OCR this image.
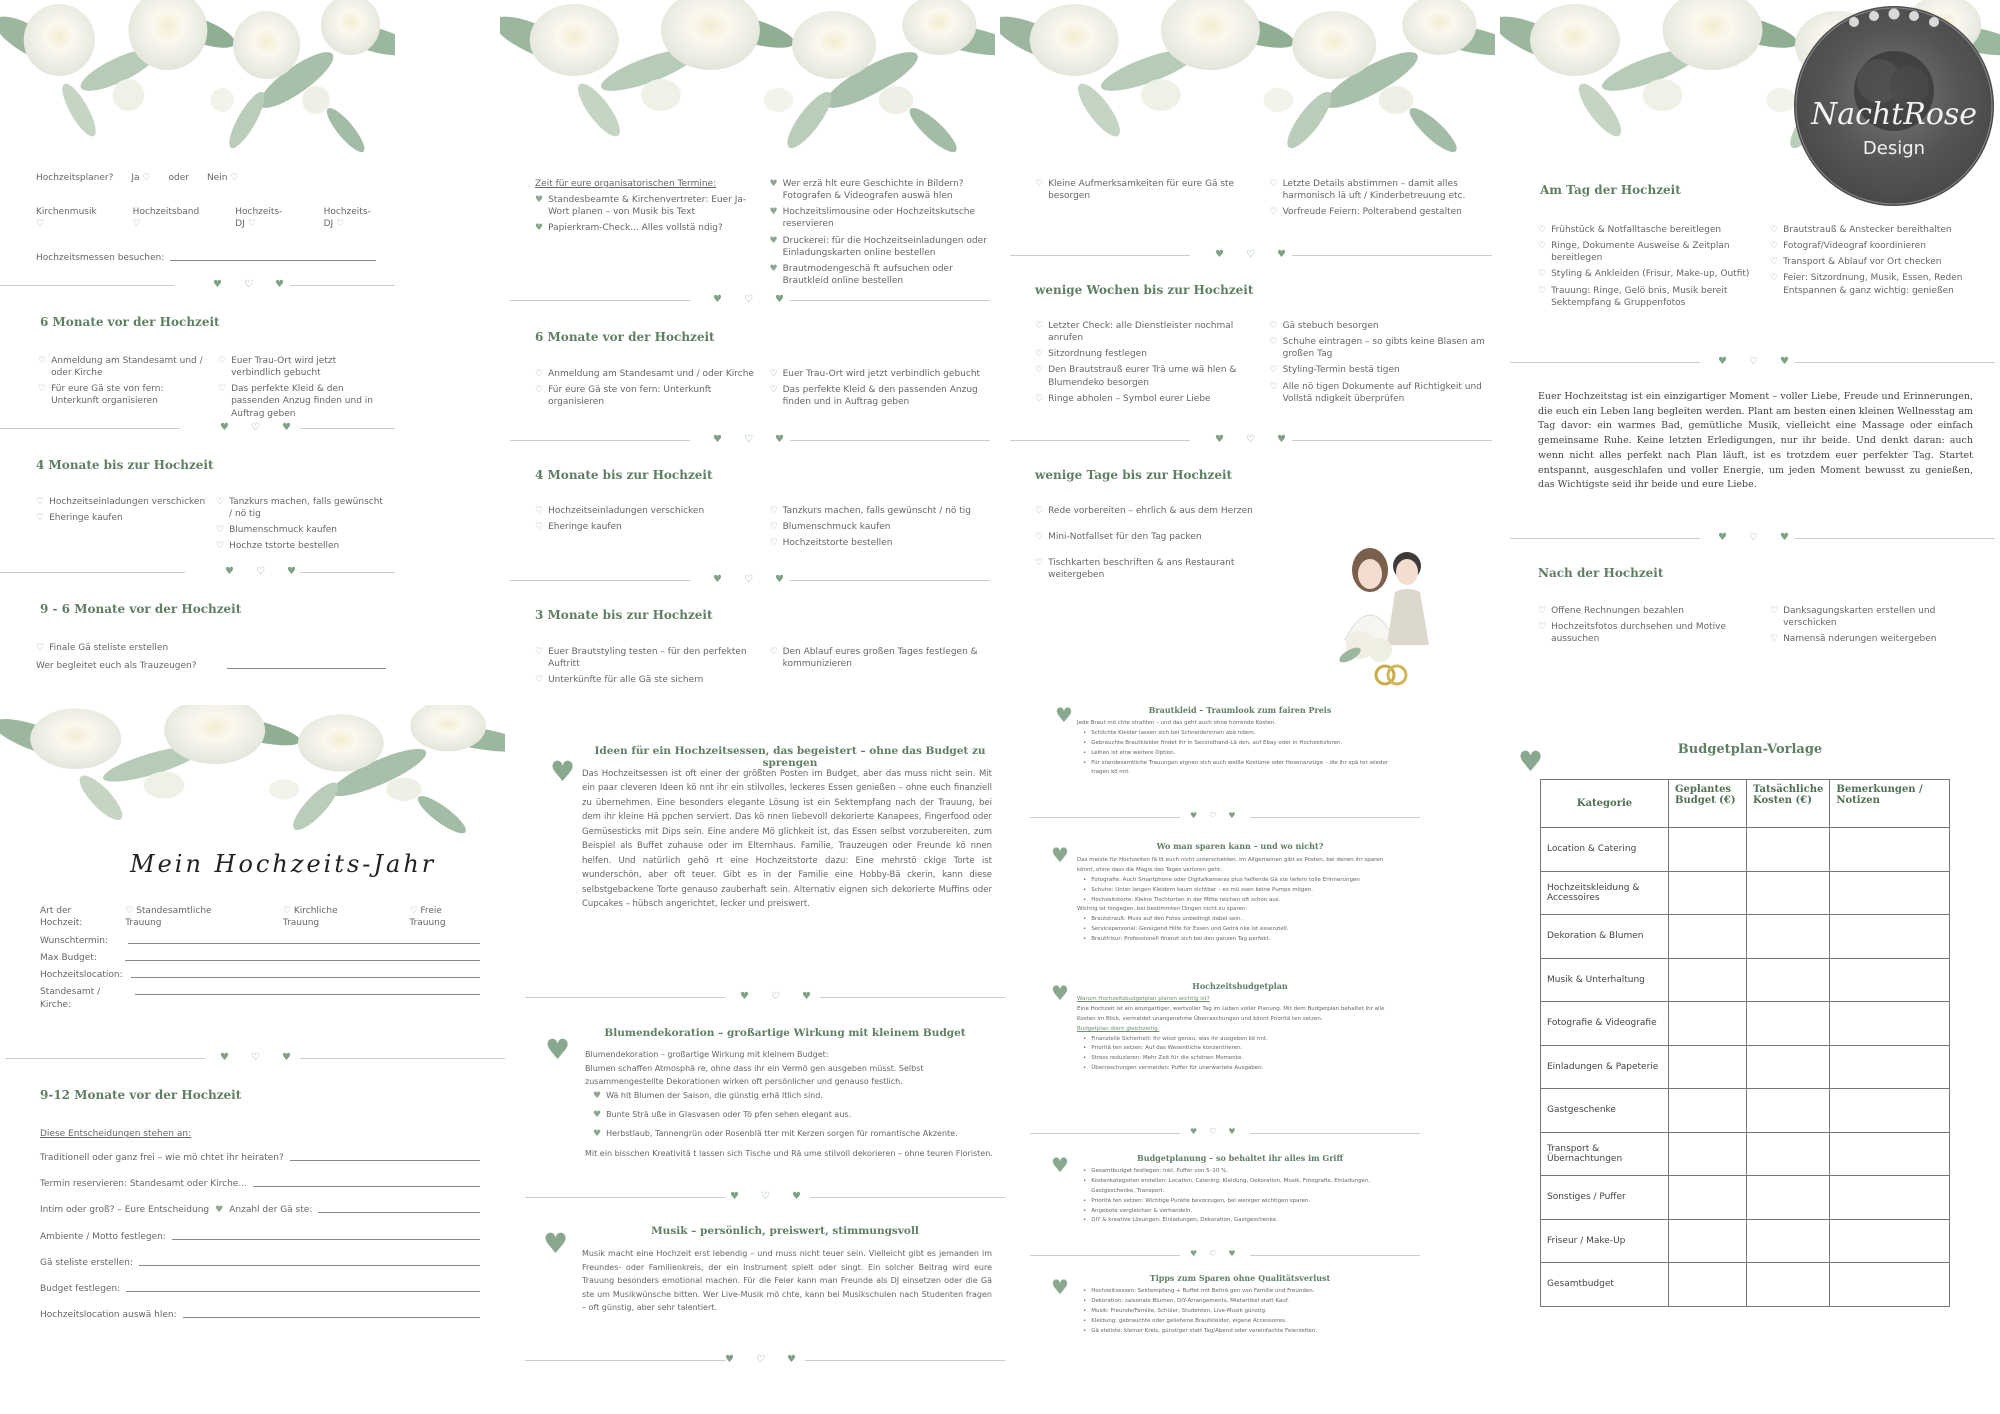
Hochzeitsplaner? Ja ♡ oder Nein ♡
Kirchenmusik ♡
Hochzeitsband ♡
Hochzeits-DJ ♡
Hochzeits-DJ ♡
Hochzeitsmessen besuchen:
♥ ♡ ♥
6 Monate vor der Hochzeit
♡ Anmeldung am Standesamt und / oder Kirche
♡ Für eure Gä ste von fern: Unterkunft organisieren
♡ Euer Trau-Ort wird jetzt verbindlich gebucht
♡ Das perfekte Kleid & den passenden Anzug finden und in Auftrag geben
♥ ♡ ♥
4 Monate bis zur Hochzeit
♡ Hochzeitseinladungen verschicken
♡ Eheringe kaufen
♡ Tanzkurs machen, falls gewünscht / nö tig
♡ Blumenschmuck kaufen
♡ Hochze tstorte bestellen
♥ ♡ ♥
9 - 6 Monate vor der Hochzeit
♡ Finale Gä steliste erstellen
Wer begleitet euch als Trauzeugen?
Zeit für eure organisatorischen Termine:
♥ Standesbeamte & Kirchenvertreter: Euer Ja-Wort planen – von Musik bis Text
♥ Papierkram-Check... Alles vollstä ndig?
♥ Wer erzä hlt eure Geschichte in Bildern? Fotografen & Videografen auswä hlen
♥ Hochzeitslimousine oder Hochzeitskutsche reservieren
♥ Druckerei: für die Hochzeitseinladungen oder Einladungskarten online bestellen
♥ Brautmodengeschä ft aufsuchen oder Brautkleid online bestellen
♥ ♡ ♥
6 Monate vor der Hochzeit
♡ Anmeldung am Standesamt und / oder Kirche
♡ Für eure Gä ste von fern: Unterkunft organisieren
♡ Euer Trau-Ort wird jetzt verbindlich gebucht
♡ Das perfekte Kleid & den passenden Anzug finden und in Auftrag geben
♥ ♡ ♥
4 Monate bis zur Hochzeit
♡ Hochzeitseinladungen verschicken
♡ Eheringe kaufen
♡ Tanzkurs machen, falls gewünscht / nö tig
♡ Blumenschmuck kaufen
♡ Hochzeitstorte bestellen
♥ ♡ ♥
3 Monate bis zur Hochzeit
♡ Euer Brautstyling testen – für den perfekten Auftritt
♡ Unterkünfte für alle Gä ste sichern
♡ Den Ablauf eures großen Tages festlegen & kommunizieren
♡ Kleine Aufmerksamkeiten für eure Gä ste besorgen
♡ Letzte Details abstimmen – damit alles harmonisch lä uft / Kinderbetreuung etc.
♡ Vorfreude Feiern: Polterabend gestalten
♥ ♡ ♥
wenige Wochen bis zur Hochzeit
♡ Letzter Check: alle Dienstleister nochmal anrufen
♡ Sitzordnung festlegen
♡ Den Brautstrauß eurer Trä ume wä hlen & Blumendeko besorgen
♡ Ringe abholen – Symbol eurer Liebe
♡ Gä stebuch besorgen
♡ Schuhe eintragen – so gibts keine Blasen am großen Tag
♡ Styling-Termin bestä tigen
♡ Alle nö tigen Dokumente auf Richtigkeit und Vollstä ndigkeit überprüfen
♥ ♡ ♥
wenige Tage bis zur Hochzeit
♡ Rede vorbereiten – ehrlich & aus dem Herzen
♡ Mini-Notfallset für den Tag packen
♡ Tischkarten beschriften & ans Restaurant weitergeben
Am Tag der Hochzeit
♡ Frühstück & Notfalltasche bereitlegen
♡ Ringe, Dokumente Ausweise & Zeitplan bereitlegen
♡ Styling & Ankleiden (Frisur, Make-up, Outfit)
♡ Trauung: Ringe, Gelö bnis, Musik bereit Sektempfang & Gruppenfotos
♡ Brautstrauß & Anstecker bereithalten
♡ Fotograf/Videograf koordinieren
♡ Transport & Ablauf vor Ort checken
♡ Feier: Sitzordnung, Musik, Essen, Reden Entspannen & ganz wichtig: genießen
♥ ♡ ♥
Euer Hochzeitstag ist ein einzigartiger Moment – voller Liebe, Freude und Erinnerungen, die euch ein Leben lang begleiten werden. Plant am besten einen kleinen Wellnesstag am Tag davor: ein warmes Bad, gemütliche Musik, vielleicht eine Massage oder einfach gemeinsame Ruhe. Keine letzten Erledigungen, nur ihr beide. Und denkt daran: auch wenn nicht alles perfekt nach Plan läuft, ist es trotzdem euer perfekter Tag. Startet entspannt, ausgeschlafen und voller Energie, um jeden Moment bewusst zu genießen, das Wichtigste seid ihr beide und eure Liebe.
♥ ♡ ♥
Nach der Hochzeit
♡ Offene Rechnungen bezahlen
♡ Hochzeitsfotos durchsehen und Motive aussuchen
♡ Danksagungskarten erstellen und verschicken
♡ Namensä nderungen weitergeben
NachtRose
Design
Mein Hochzeits-Jahr
Art der Hochzeit:
♡ Standesamtliche Trauung
♡ Kirchliche Trauung
♡ Freie Trauung
Wunschtermin:
Max Budget:
Hochzeitslocation:
Standesamt / Kirche:
♥ ♡ ♥
9-12 Monate vor der Hochzeit
Diese Entscheidungen stehen an:
Traditionell oder ganz frei – wie mö chtet ihr heiraten?
Termin reservieren: Standesamt oder Kirche...
Intim oder groß? – Eure Entscheidung ♥ Anzahl der Gä ste:
Ambiente / Motto festlegen:
Gä steliste erstellen:
Budget festlegen:
Hochzeitslocation auswä hlen:
♥
Ideen für ein Hochzeitsessen, das begeistert – ohne das Budget zu sprengen
Das Hochzeitsessen ist oft einer der größten Posten im Budget, aber das muss nicht sein. Mit ein paar cleveren Ideen kö nnt ihr ein stilvolles, leckeres Essen genießen – ohne euch finanziell zu übernehmen. Eine besonders elegante Lösung ist ein Sektempfang nach der Trauung, bei dem ihr kleine Hä ppchen serviert. Das kö nnen liebevoll dekorierte Kanapees, Fingerfood oder Gemüsesticks mit Dips sein. Eine andere Mö glichkeit ist, das Essen selbst vorzubereiten, zum Beispiel als Buffet zuhause oder im Elternhaus. Familie, Trauzeugen oder Freunde kö nnen helfen. Und natürlich gehö rt eine Hochzeitstorte dazu: Eine mehrstö ckige Torte ist wunderschön, aber oft teuer. Gibt es in der Familie eine Hobby-Bä ckerin, kann diese selbstgebackene Torte genauso zauberhaft sein. Alternativ eignen sich dekorierte Muffins oder Cupcakes – hübsch angerichtet, lecker und preiswert.
♥ ♡ ♥
♥	Blumendekoration – großartige Wirkung mit kleinem Budget
Blumendekoration – großartige Wirkung mit kleinem Budget:
Blumen schaffen Atmosphä re, ohne dass ihr ein Vermö gen ausgeben müsst. Selbst zusammengestellte Dekorationen wirken oft persönlicher und genauso festlich.
♥ Wä hlt Blumen der Saison, die günstig erhä ltlich sind.
♥ Bunte Strä uße in Glasvasen oder Tö pfen sehen elegant aus.
♥ Herbstlaub, Tannengrün oder Rosenblä tter mit Kerzen sorgen für romantische Akzente.
Mit ein bisschen Kreativitä t lassen sich Tische und Rä ume stilvoll dekorieren – ohne teuren Floristen.
♥ ♡ ♥
♥	Musik – persönlich, preiswert, stimmungsvoll
Musik macht eine Hochzeit erst lebendig – und muss nicht teuer sein. Vielleicht gibt es jemanden im Freundes- oder Familienkreis, der ein Instrument spielt oder singt. Ein solcher Beitrag wird eure Trauung besonders emotional machen. Für die Feier kann man Freunde als DJ einsetzen oder die Gä ste um Musikwünsche bitten. Wer Live-Musik mö chte, kann bei Musikschulen nach Studenten fragen – oft günstig, aber sehr talentiert.
♥ ♡ ♥
♥	Brautkleid – Traumlook zum fairen Preis
Jede Braut mö chte strahlen – und das geht auch ohne horrende Kosten.
• Schlichte Kleider lassen sich bei Schneiderinnen abä ndern.
• Gebrauchte Brautkleider findet ihr in Secondhand-Lä den, auf Ebay oder in Hochzeitsforen.
• Leihen ist eine weitere Option.
• Für standesamtliche Trauungen eignen sich auch weiße Kostüme oder Hosenanzüge – die ihr spä ter wieder tragen kö nnt.
♥ ♡ ♥
♥	Wo man sparen kann – und wo nicht?
Das meiste für Hochzeiten fä llt euch nicht unterscheiden. Im Allgemeinen gibt es Posten, bei denen ihr sparen könnt, ohne dass die Magie des Tages verloren geht.
• Fotografie: Auch Smartphone oder Digitalkameras plus helfende Gä ste liefern tolle Erinnerungen
• Schuhe: Unter langen Kleidern kaum sichtbar – es mü ssen keine Pumps mögen.
• Hochzeitstorte: Kleine Tischtorten in der Mitte reichen oft schon aus.
Wichtig ist hingegen, bei bestimmten Dingen nicht zu sparen:
• Brautstrauß: Muss auf den Fotos unbedingt dabei sein.
• Servicepersonal: Genügend Hilfe für Essen und Geträ nke ist essenziell.
• Brautfrisur: Professionell finanzt sich bei den ganzen Tag perfekt.
♥	Hochzeitsbudgetplan
Warum Hochzeitsbudgetplan planen wichtig ist?
Eine Hochzeit ist ein einzigartiger, wertvoller Tag im Leben voller Planung. Mit dem Budgetplan behaltet ihr alle Kosten im Blick, vermeidet unangenehme Überraschungen und könnt Prioritä ten setzen.
Budgetplan dient gleichzeitig:
• Finanzielle Sicherheit: Ihr wisst genau, was ihr ausgeben kö nnt.
• Prioritä ten setzen: Auf das Wesentliche konzentrieren.
• Stress reduzieren: Mehr Zeit für die schönen Momente.
• Überraschungen vermeiden: Puffer für unerwartete Ausgaben.
♥ ♡ ♥
♥	Budgetplanung – so behaltet ihr alles im Griff
• Gesamtbudget festlegen: inkl. Puffer von 5–10 %.
• Kostenkategorien erstellen: Location, Catering, Kleidung, Dekoration, Musik, Fotografie, Einladungen, Gastgeschenke, Transport.
• Prioritä ten setzen: Wichtige Punkte bevorzugen, bei weniger wichtigen sparen.
• Angebote vergleichen & verhandeln.
• DIY & kreative Lösungen: Einladungen, Dekoration, Gastgeschenke.
♥ ♡ ♥
♥	Tipps zum Sparen ohne Qualitätsverlust
• Hochzeitsessen: Sektempfang + Buffet mit Beiträ gen von Familie und Freunden.
• Dekoration: saisonale Blumen, DIY-Arrangements, Mietartikel statt Kauf.
• Musik: Freunde/Familie, Schüler, Studenten, Live-Musik günstig.
• Kleidung: gebrauchte oder geliehene Brautkleider, eigene Accessoires.
• Gä steliste: kleiner Kreis, günstiger statt Tag/Abend oder vereinfachte Feierzeiten.
♥	Budgetplan-Vorlage
Kategorie	Geplantes Budget (€)	Tatsächliche Kosten (€)	Bemerkungen / Notizen
Location & Catering			
Hochzeitskleidung & Accessoires			
Dekoration & Blumen			
Musik & Unterhaltung			
Fotografie & Videografie			
Einladungen & Papeterie			
Gastgeschenke			
Transport & Übernachtungen			
Sonstiges / Puffer			
Friseur / Make-Up			
Gesamtbudget			
